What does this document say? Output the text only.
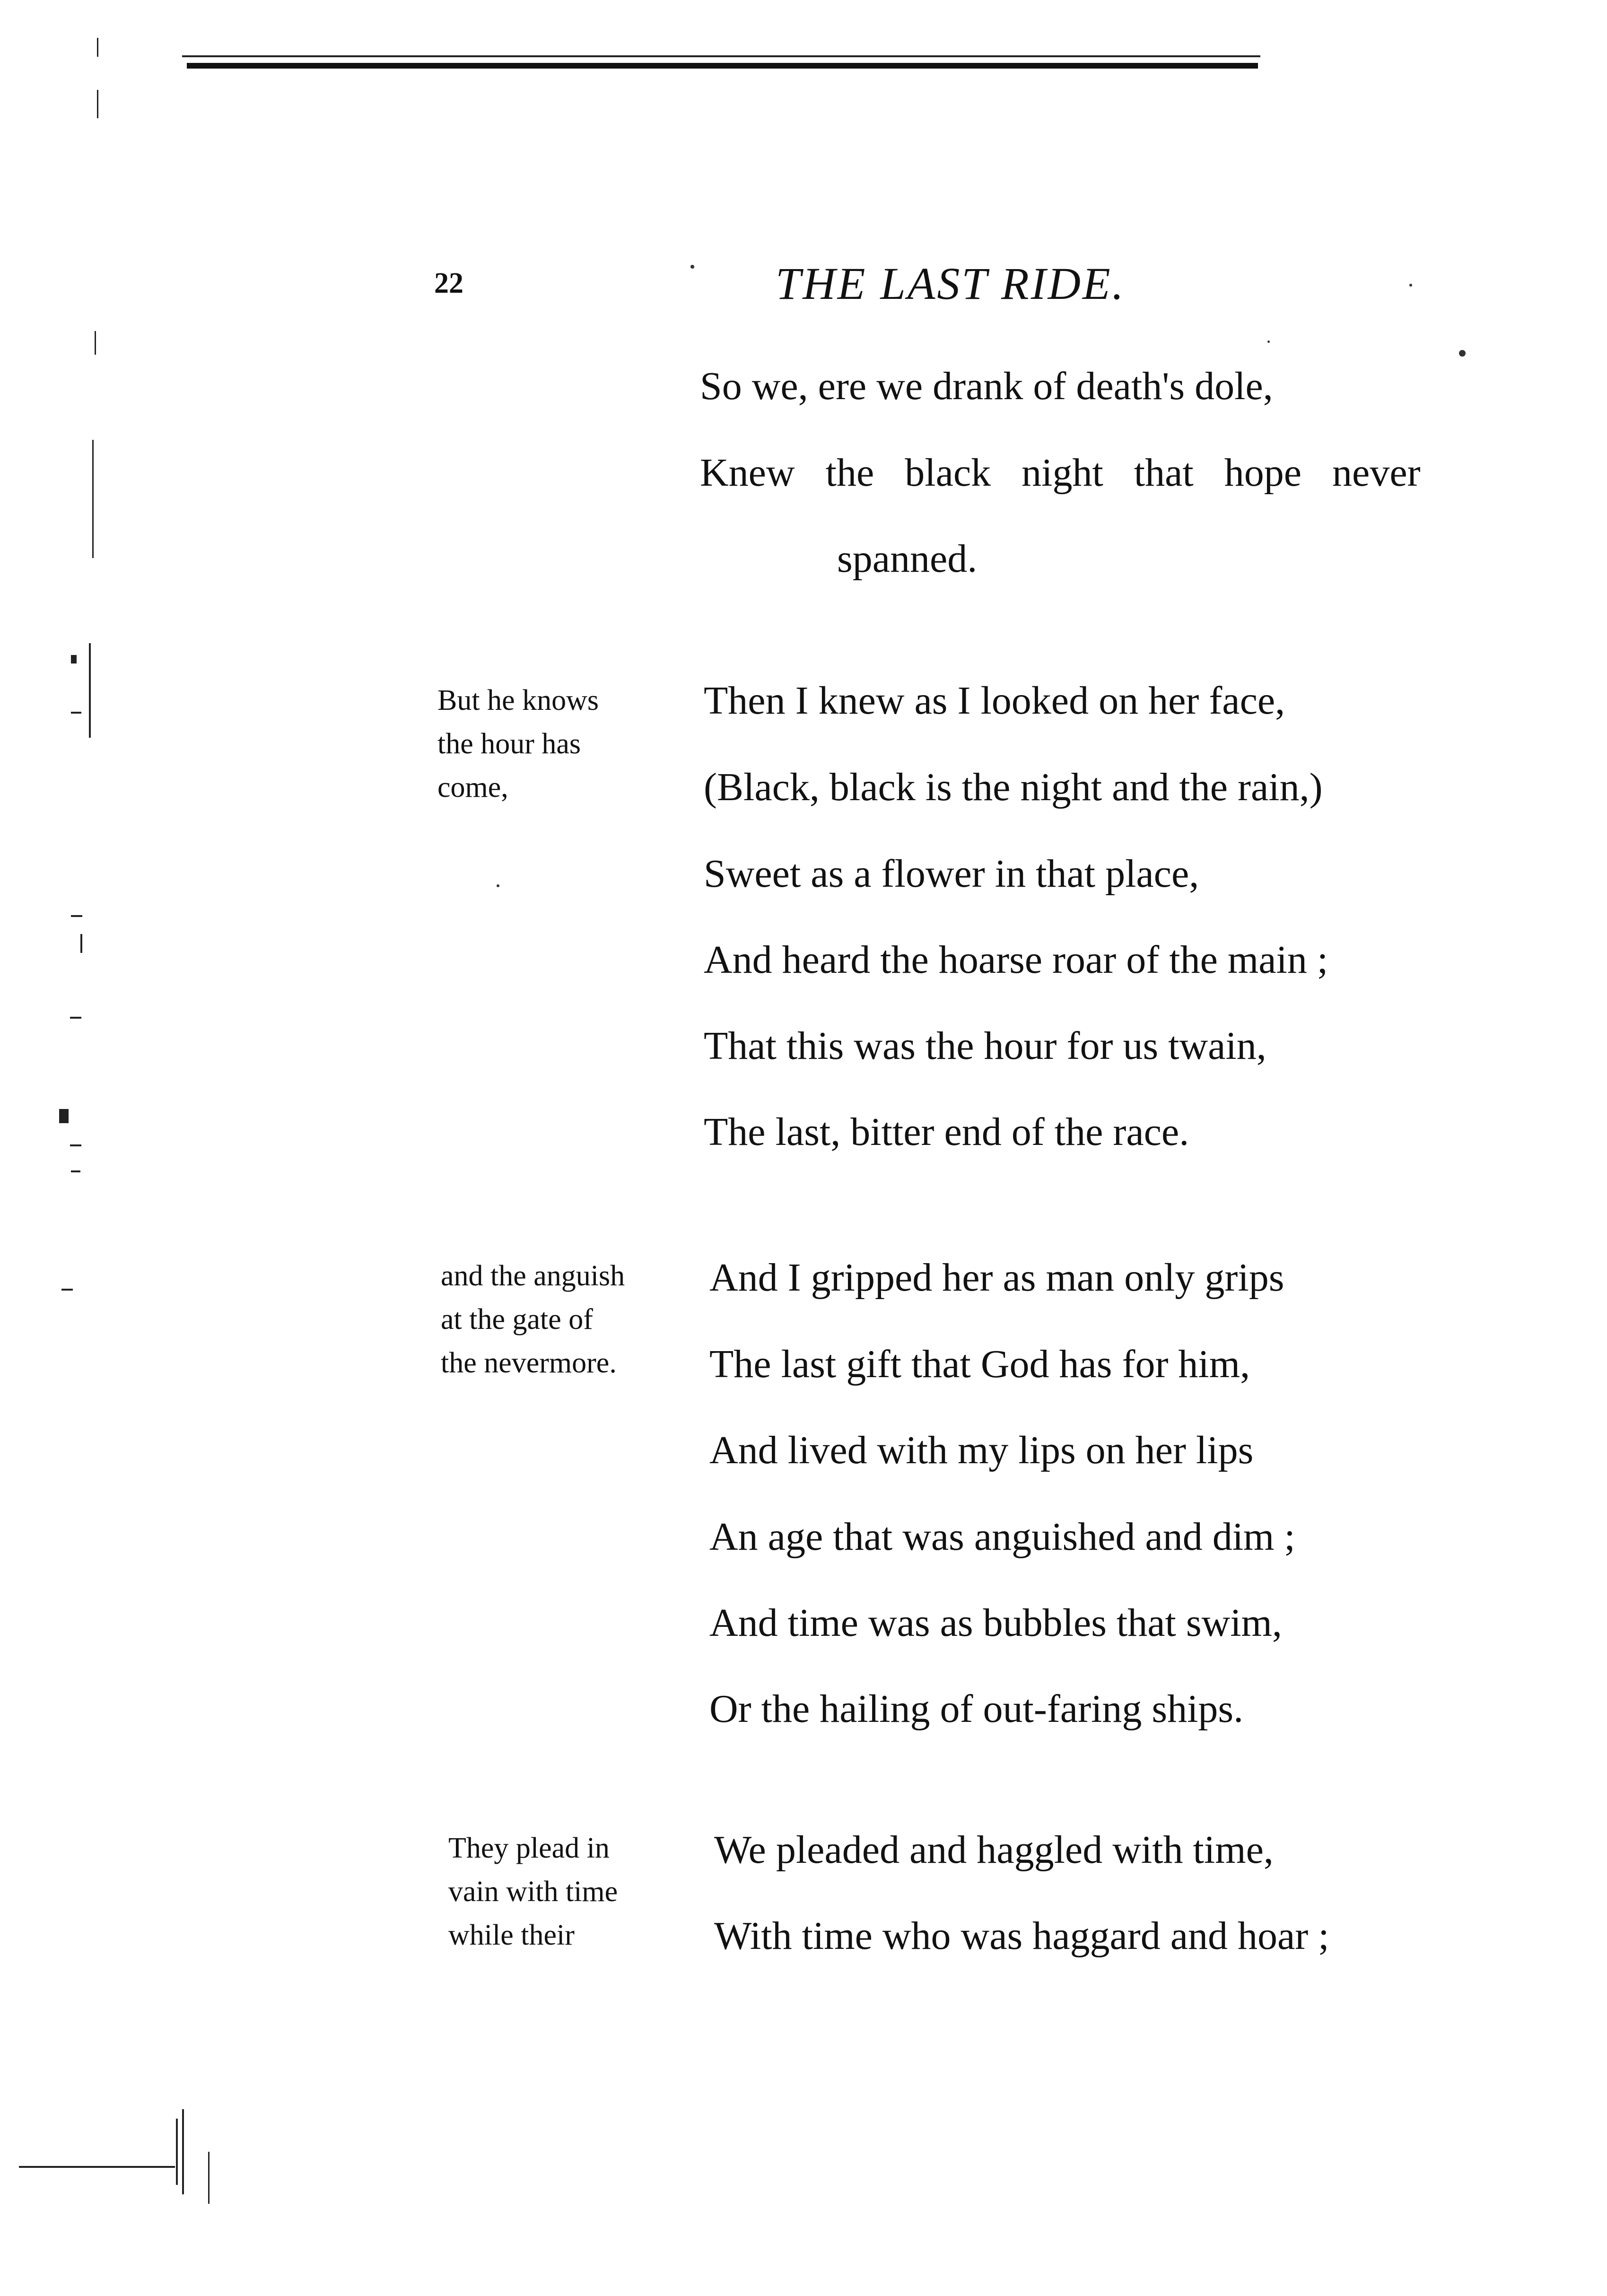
22	THE LAST RIDE.
So we, ere we drank of death's dole,
Knew the black night that hope never
spanned.
But he knows
the hour has
come,
Then I knew as I looked on her face,
(Black, black is the night and the rain,)
Sweet as a flower in that place,
And heard the hoarse roar of the main ;
That this was the hour for us twain,
The last, bitter end of the race.
and the anguish
at the gate of
the nevermore.
And I gripped her as man only grips
The last gift that God has for him,
And lived with my lips on her lips
An age that was anguished and dim ;
And time was as bubbles that swim,
Or the hailing of out-faring ships.
They plead in
vain with time
while their
We pleaded and haggled with time,
With time who was haggard and hoar ;
